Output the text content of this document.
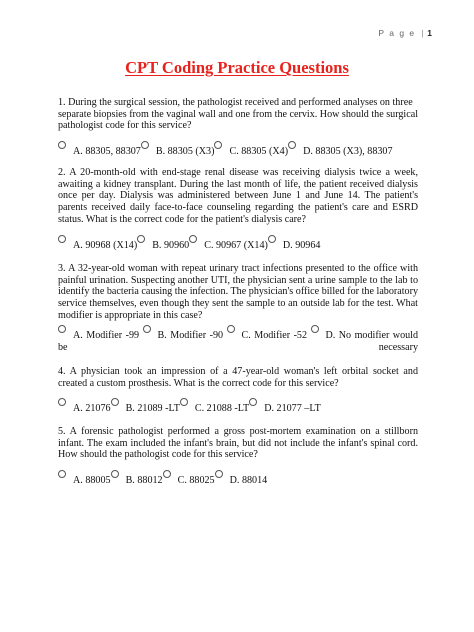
P a g e | 1
CPT Coding Practice Questions
1. During the surgical session, the pathologist received and performed analyses on three separate biopsies from the vaginal wall and one from the cervix. How should the surgical pathologist code for this service?
A. 88305, 88307 B. 88305 (X3) C. 88305 (X4) D. 88305 (X3), 88307
2. A 20-month-old with end-stage renal disease was receiving dialysis twice a week, awaiting a kidney transplant. During the last month of life, the patient received dialysis once per day. Dialysis was administered between June 1 and June 14. The patient's parents received daily face-to-face counseling regarding the patient's care and ESRD status. What is the correct code for the patient's dialysis care?
A. 90968 (X14) B. 90960 C. 90967 (X14) D. 90964
3. A 32-year-old woman with repeat urinary tract infections presented to the office with painful urination. Suspecting another UTI, the physician sent a urine sample to the lab to identify the bacteria causing the infection. The physician's office billed for the laboratory service themselves, even though they sent the sample to an outside lab for the test. What modifier is appropriate in this case?
A. Modifier -99 B. Modifier -90 C. Modifier -52 D. No modifier would be necessary
4. A physician took an impression of a 47-year-old woman's left orbital socket and created a custom prosthesis. What is the correct code for this service?
A. 21076 B. 21089 -LT C. 21088 -LT D. 21077 –LT
5. A forensic pathologist performed a gross post-mortem examination on a stillborn infant. The exam included the infant's brain, but did not include the infant's spinal cord. How should the pathologist code for this service?
A. 88005 B. 88012 C. 88025 D. 88014
